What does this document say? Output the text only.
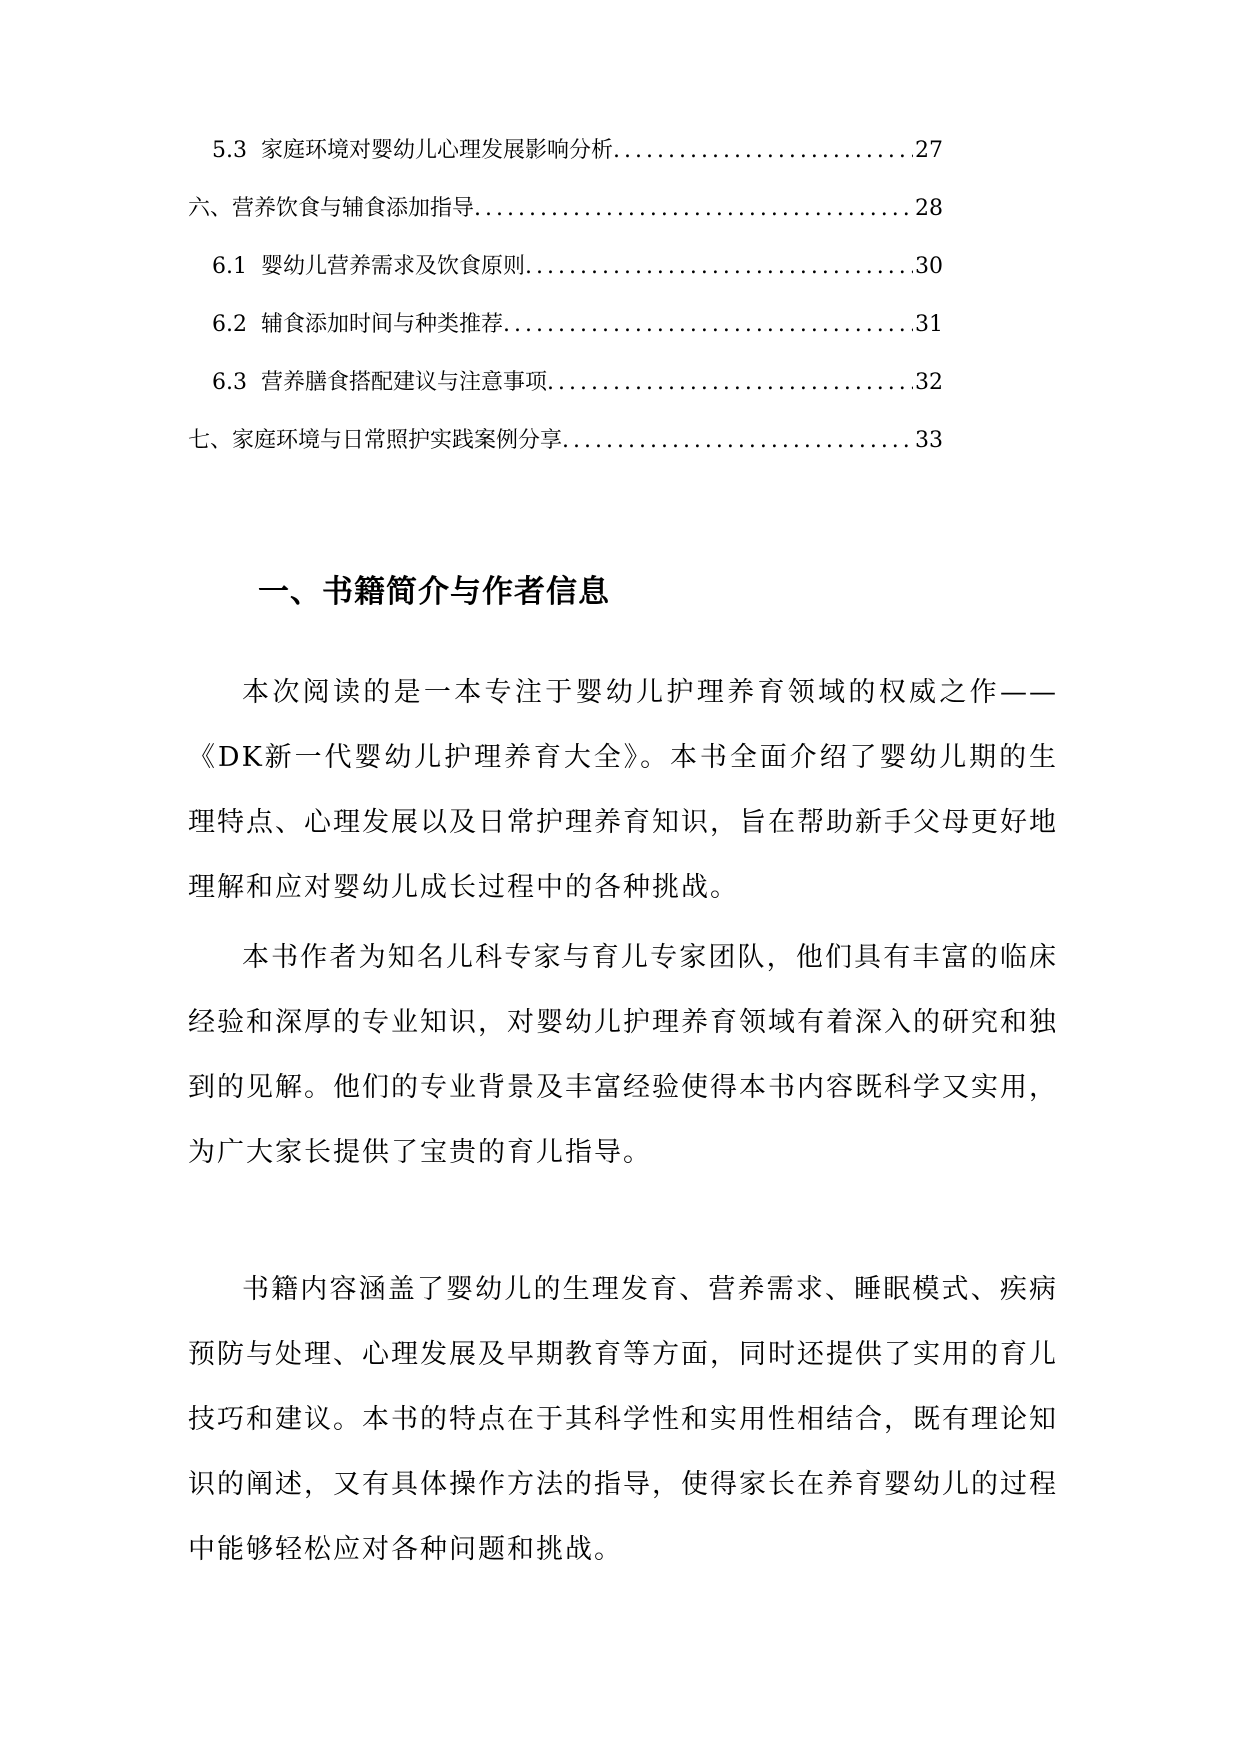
5.3 家庭环境对婴幼儿心理发展影响分析 .....	27
六、营养饮食与辅食添加指导 .....	28
6.1 婴幼儿营养需求及饮食原则 .....	30
6.2 辅食添加时间与种类推荐 .....	31
6.3 营养膳食搭配建议与注意事项 .....	32
七、家庭环境与日常照护实践案例分享 .....	33
一、书籍简介与作者信息

本次阅读的是一本专注于婴幼儿护理养育领域的权威之作——《DK新一代婴幼儿护理养育大全》。本书全面介绍了婴幼儿期的生理特点、心理发展以及日常护理养育知识，旨在帮助新手父母更好地理解和应对婴幼儿成长过程中的各种挑战。

本书作者为知名儿科专家与育儿专家团队，他们具有丰富的临床经验和深厚的专业知识，对婴幼儿护理养育领域有着深入的研究和独到的见解。他们的专业背景及丰富经验使得本书内容既科学又实用，为广大家长提供了宝贵的育儿指导。

书籍内容涵盖了婴幼儿的生理发育、营养需求、睡眠模式、疾病预防与处理、心理发展及早期教育等方面，同时还提供了实用的育儿技巧和建议。本书的特点在于其科学性和实用性相结合，既有理论知识的阐述，又有具体操作方法的指导，使得家长在养育婴幼儿的过程中能够轻松应对各种问题和挑战。
